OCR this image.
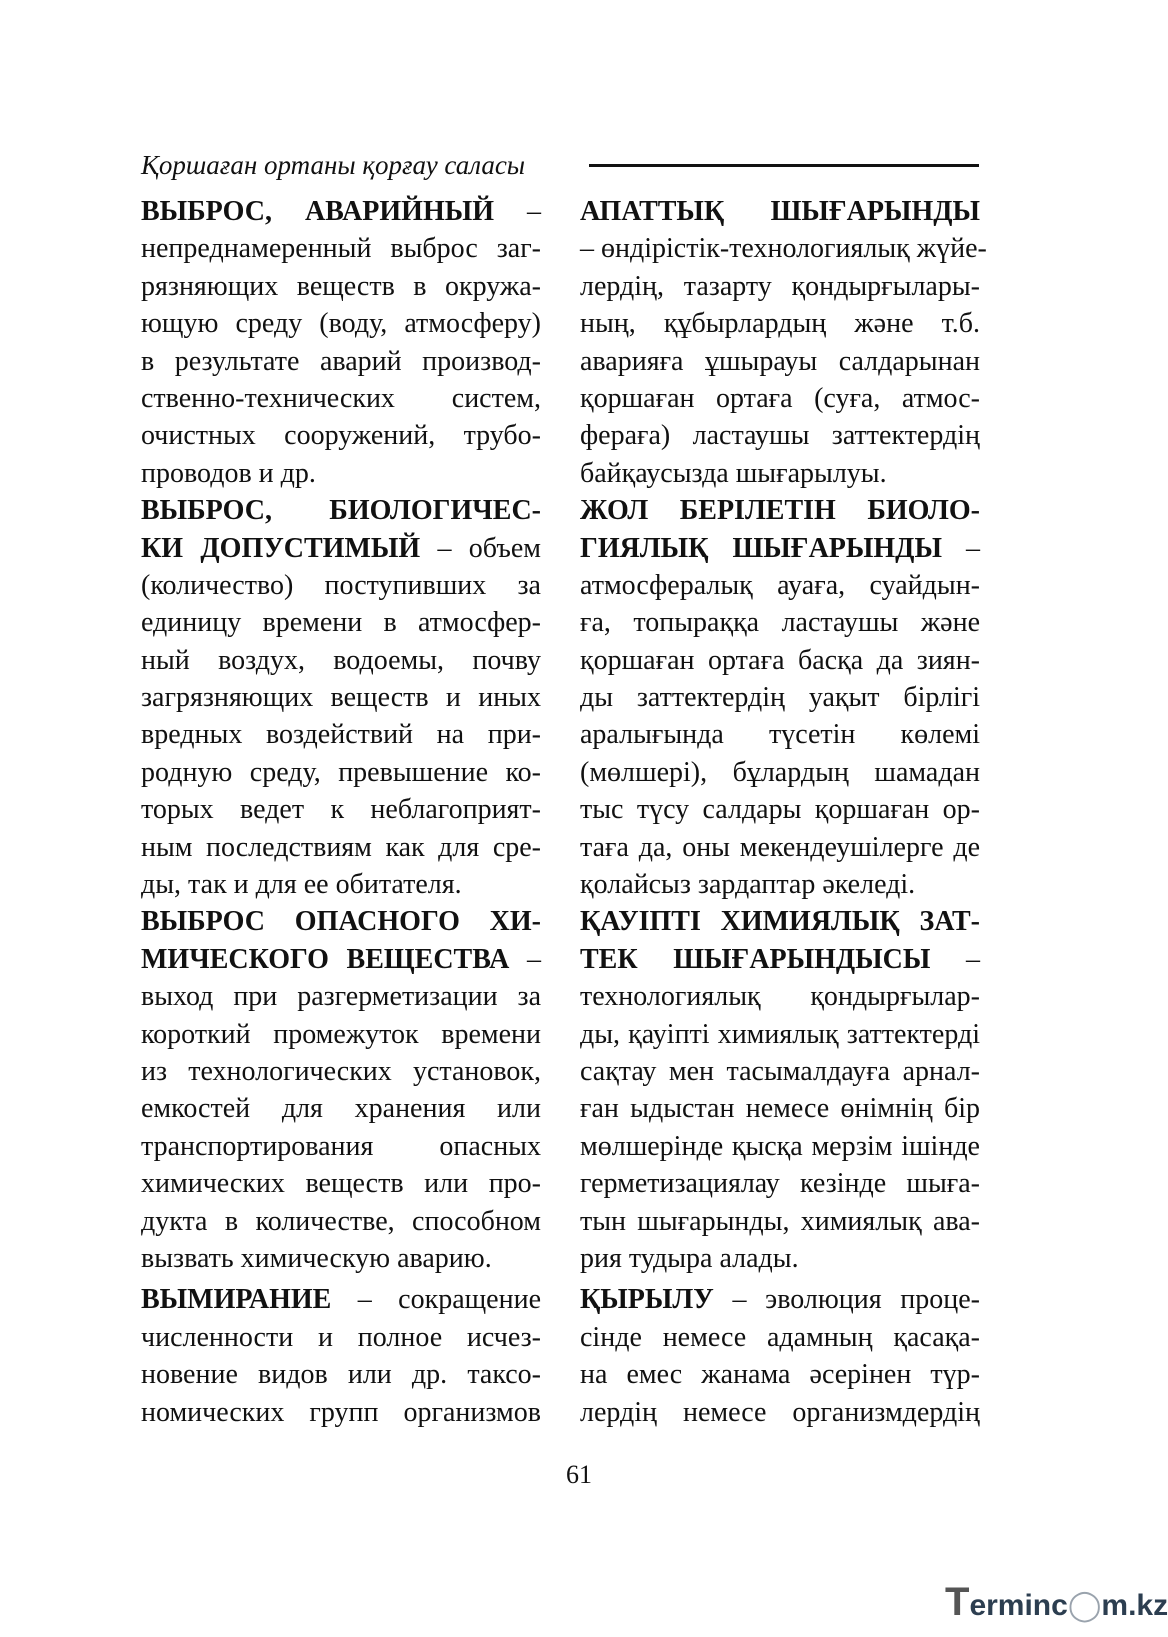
Қоршаған ортаны қорғау саласы
ВЫБРОС, АВАРИЙНЫЙ –
непреднамеренный выброс заг-
рязняющих веществ в окружа-
ющую среду (воду, атмосферу)
в результате аварий производ-
ственно-технических систем,
очистных сооружений, трубо-
проводов и др.
ВЫБРОС, БИОЛОГИЧЕС-
КИ ДОПУСТИМЫЙ – объем
(количество) поступивших за
единицу времени в атмосфер-
ный воздух, водоемы, почву
загрязняющих веществ и иных
вредных воздействий на при-
родную среду, превышение ко-
торых ведет к неблагоприят-
ным последствиям как для сре-
ды, так и для ее обитателя.
ВЫБРОС ОПАСНОГО ХИ-
МИЧЕСКОГО ВЕЩЕСТВА –
выход при разгерметизации за
короткий промежуток времени
из технологических установок,
емкостей для хранения или
транспортирования опасных
химических веществ или про-
дукта в количестве, способном
вызвать химическую аварию.
ВЫМИРАНИЕ – сокращение
численности и полное исчез-
новение видов или др. таксо-
номических групп организмов
АПАТТЫҚ ШЫҒАРЫНДЫ
– өндірістік-технологиялық жүйе-
лердің, тазарту қондырғылары-
ның, құбырлардың және т.б.
аварияға ұшырауы салдарынан
қоршаған ортаға (суға, атмос-
фераға) ластаушы заттектердің
байқаусызда шығарылуы.
ЖОЛ БЕРІЛЕТІН БИОЛО-
ГИЯЛЫҚ ШЫҒАРЫНДЫ –
атмосфералық ауаға, суайдын-
ға, топыраққа ластаушы және
қоршаған ортаға басқа да зиян-
ды заттектердің уақыт бірлігі
аралығында түсетін көлемі
(мөлшері), бұлардың шамадан
тыс түсу салдары қоршаған ор-
таға да, оны мекендеушілерге де
қолайсыз зардаптар әкеледі.
ҚАУІПТІ ХИМИЯЛЫҚ ЗАТ-
ТЕК ШЫҒАРЫНДЫСЫ –
технологиялық қондырғылар-
ды, қауіпті химиялық заттектерді
сақтау мен тасымалдауға арнал-
ған ыдыстан немесе өнімнің бір
мөлшерінде қысқа мерзім ішінде
герметизациялау кезінде шыға-
тын шығарынды, химиялық ава-
рия тудыра алады.
ҚЫРЫЛУ – эволюция проце-
сінде немесе адамның қасақа-
на емес жанама әсерінен түр-
лердің немесе организмдердің
61
Terminc◯m.kz
